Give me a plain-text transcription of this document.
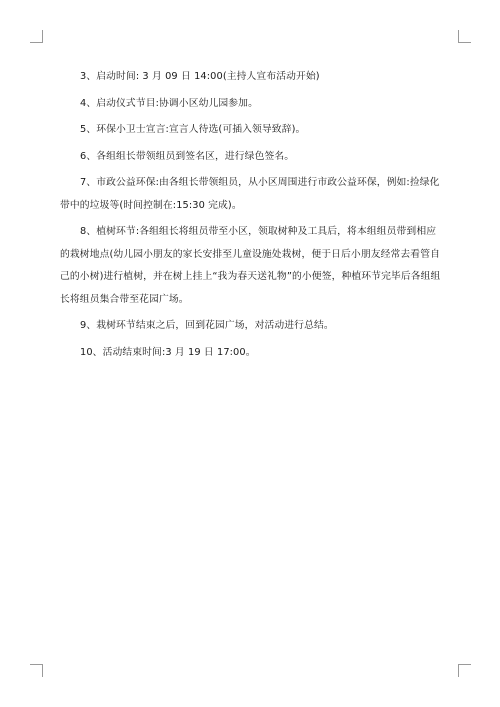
3、启动时间: 3 月 09 日 14:00(主持人宣布活动开始)

4、启动仪式节目:协调小区幼儿园参加。

5、环保小卫士宣言:宣言人待选(可插入领导致辞)。

6、各组组长带领组员到签名区，进行绿色签名。

7、市政公益环保:由各组长带领组员，从小区周围进行市政公益环保，例如:捡绿化带中的垃圾等(时间控制在:15:30 完成)。

8、植树环节:各组组长将组员带至小区，领取树种及工具后，将本组组员带到相应的栽树地点(幼儿园小朋友的家长安排至儿童设施处栽树，便于日后小朋友经常去看管自己的小树)进行植树，并在树上挂上“我为春天送礼物”的小便签，种植环节完毕后各组组长将组员集合带至花园广场。

9、栽树环节结束之后，回到花园广场，对活动进行总结。

10、活动结束时间:3 月 19 日 17:00。
